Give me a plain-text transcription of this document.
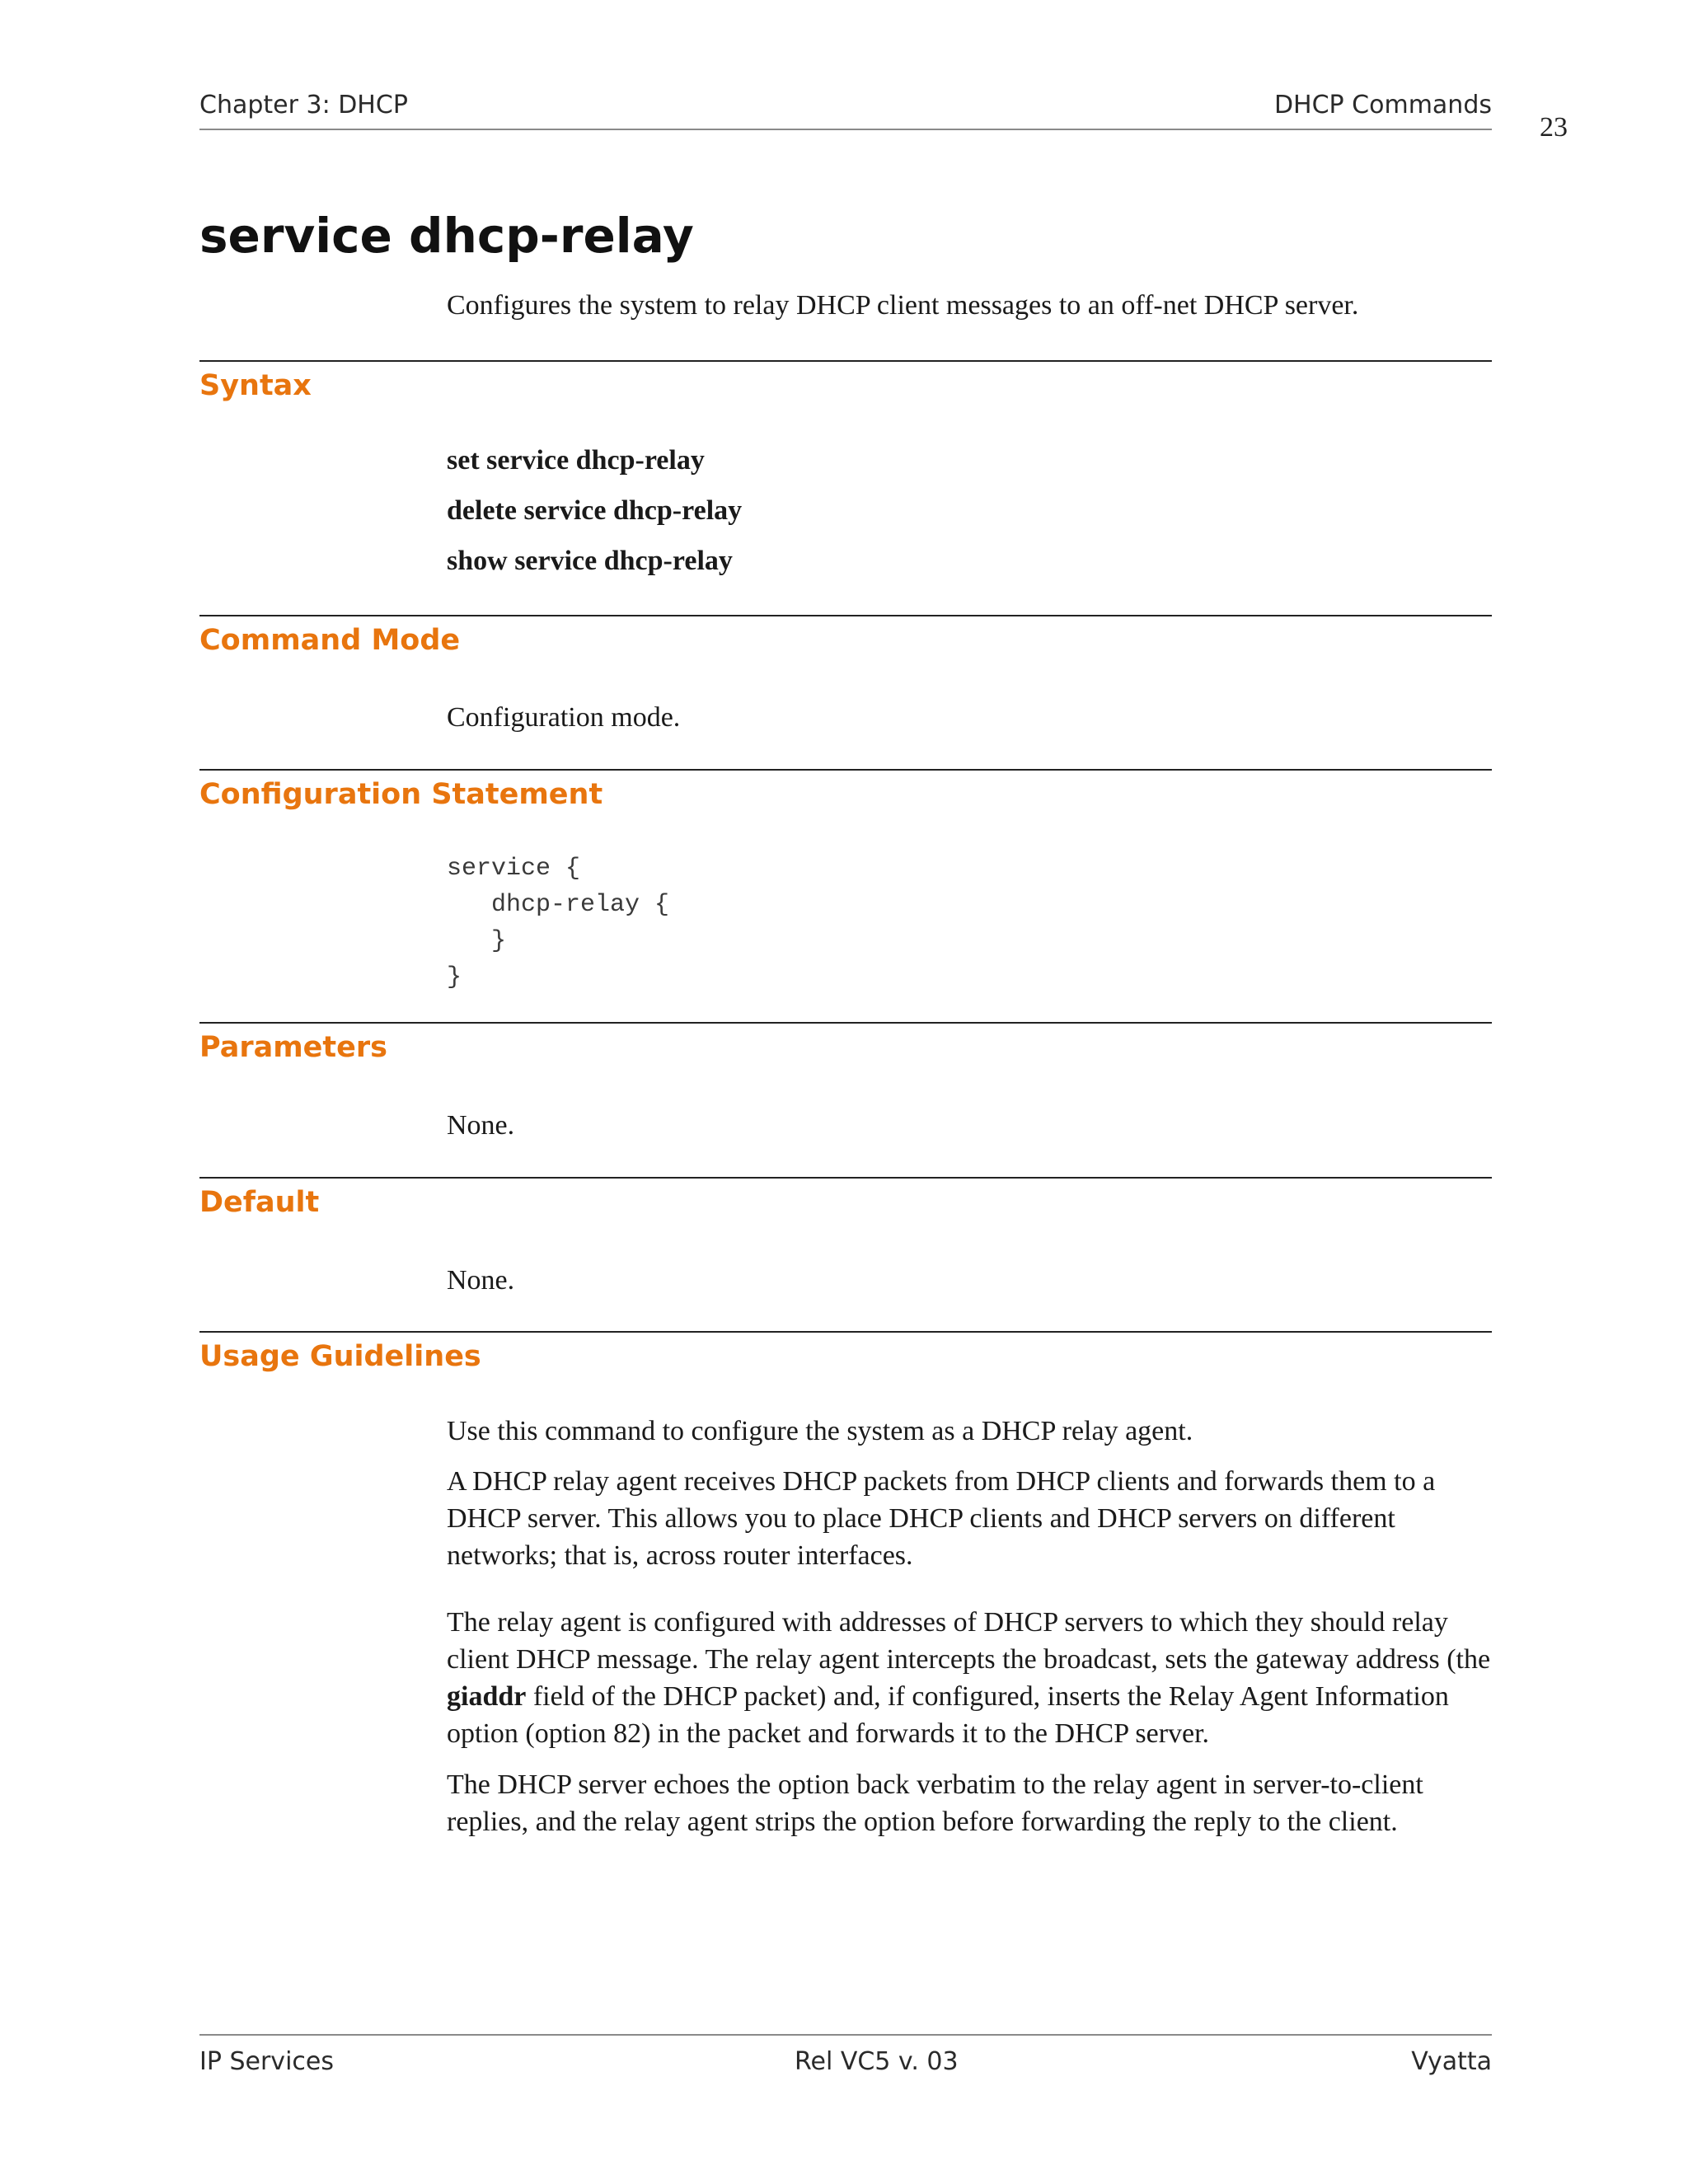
Chapter 3: DHCP	DHCP Commands
23
service dhcp-relay
Configures the system to relay DHCP client messages to an off-net DHCP server.
Syntax
set service dhcp-relay
delete service dhcp-relay
show service dhcp-relay
Command Mode
Configuration mode.
Configuration Statement
service {
dhcp-relay {
}
}
Parameters
None.
Default
None.
Usage Guidelines
Use this command to configure the system as a DHCP relay agent.
A DHCP relay agent receives DHCP packets from DHCP clients and forwards them to a DHCP server. This allows you to place DHCP clients and DHCP servers on different networks; that is, across router interfaces.
The relay agent is configured with addresses of DHCP servers to which they should relay client DHCP message. The relay agent intercepts the broadcast, sets the gateway address (the giaddr field of the DHCP packet) and, if configured, inserts the Relay Agent Information option (option 82) in the packet and forwards it to the DHCP server.
The DHCP server echoes the option back verbatim to the relay agent in server-to-client replies, and the relay agent strips the option before forwarding the reply to the client.
IP Services	Rel VC5 v. 03	Vyatta
